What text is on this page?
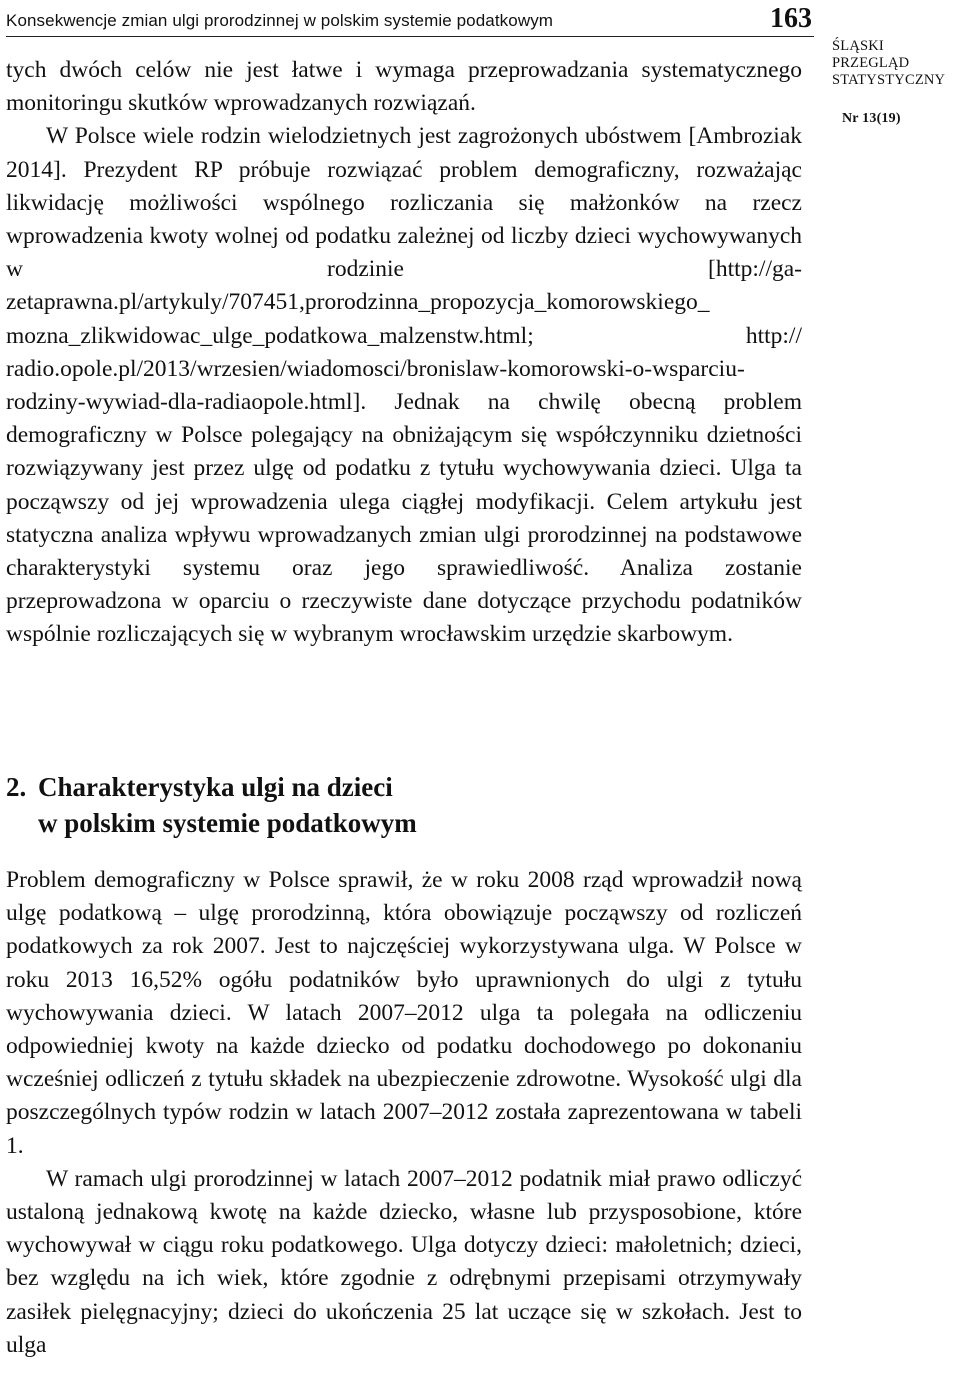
Konsekwencje zmian ulgi prorodzinnej w polskim systemie podatkowym	163
ŚLĄSKI
PRZEGLĄD
STATYSTYCZNY
Nr 13(19)

tych dwóch celów nie jest łatwe i wymaga przeprowadzania systematycznego monitoringu skutków wprowadzanych rozwiązań.

W Polsce wiele rodzin wielodzietnych jest zagrożonych ubóstwem [Ambroziak 2014]. Prezydent RP próbuje rozwiązać problem demograficzny, rozważając likwidację możliwości wspólnego rozliczania się małżonków na rzecz wprowadzenia kwoty wolnej od podatku zależnej od liczby dzieci wychowywanych w rodzinie [http://gazetaprawna.pl/artykuly/707451,prorodzinna_propozycja_komorowskiego_ mozna_zlikwidowac_ulge_podatkowa_malzenstw.html; http:// radio.opole.pl/2013/wrzesien/wiadomosci/bronislaw-komorowski-o-wsparciu-rodziny-wywiad-dla-radiaopole.html]. Jednak na chwilę obecną problem demograficzny w Polsce polegający na obniżającym się współczynniku dzietności rozwiązywany jest przez ulgę od podatku z tytułu wychowywania dzieci. Ulga ta począwszy od jej wprowadzenia ulega ciągłej modyfikacji. Celem artykułu jest statyczna analiza wpływu wprowadzanych zmian ulgi prorodzinnej na podstawowe charakterystyki systemu oraz jego sprawiedliwość. Analiza zostanie przeprowadzona w oparciu o rzeczywiste dane dotyczące przychodu podatników wspólnie rozliczających się w wybranym wrocławskim urzędzie skarbowym.

2. Charakterystyka ulgi na dzieci
w polskim systemie podatkowym

Problem demograficzny w Polsce sprawił, że w roku 2008 rząd wprowadził nową ulgę podatkową – ulgę prorodzinną, która obowiązuje począwszy od rozliczeń podatkowych za rok 2007. Jest to najczęściej wykorzystywana ulga. W Polsce w roku 2013 16,52% ogółu podatników było uprawnionych do ulgi z tytułu wychowywania dzieci. W latach 2007–2012 ulga ta polegała na odliczeniu odpowiedniej kwoty na każde dziecko od podatku dochodowego po dokonaniu wcześniej odliczeń z tytułu składek na ubezpieczenie zdrowotne. Wysokość ulgi dla poszczególnych typów rodzin w latach 2007–2012 została zaprezentowana w tabeli 1.

W ramach ulgi prorodzinnej w latach 2007–2012 podatnik miał prawo odliczyć ustaloną jednakową kwotę na każde dziecko, własne lub przysposobione, które wychowywał w ciągu roku podatkowego. Ulga dotyczy dzieci: małoletnich; dzieci, bez względu na ich wiek, które zgodnie z odrębnymi przepisami otrzymywały zasiłek pielęgnacyjny; dzieci do ukończenia 25 lat uczące się w szkołach. Jest to ulga
